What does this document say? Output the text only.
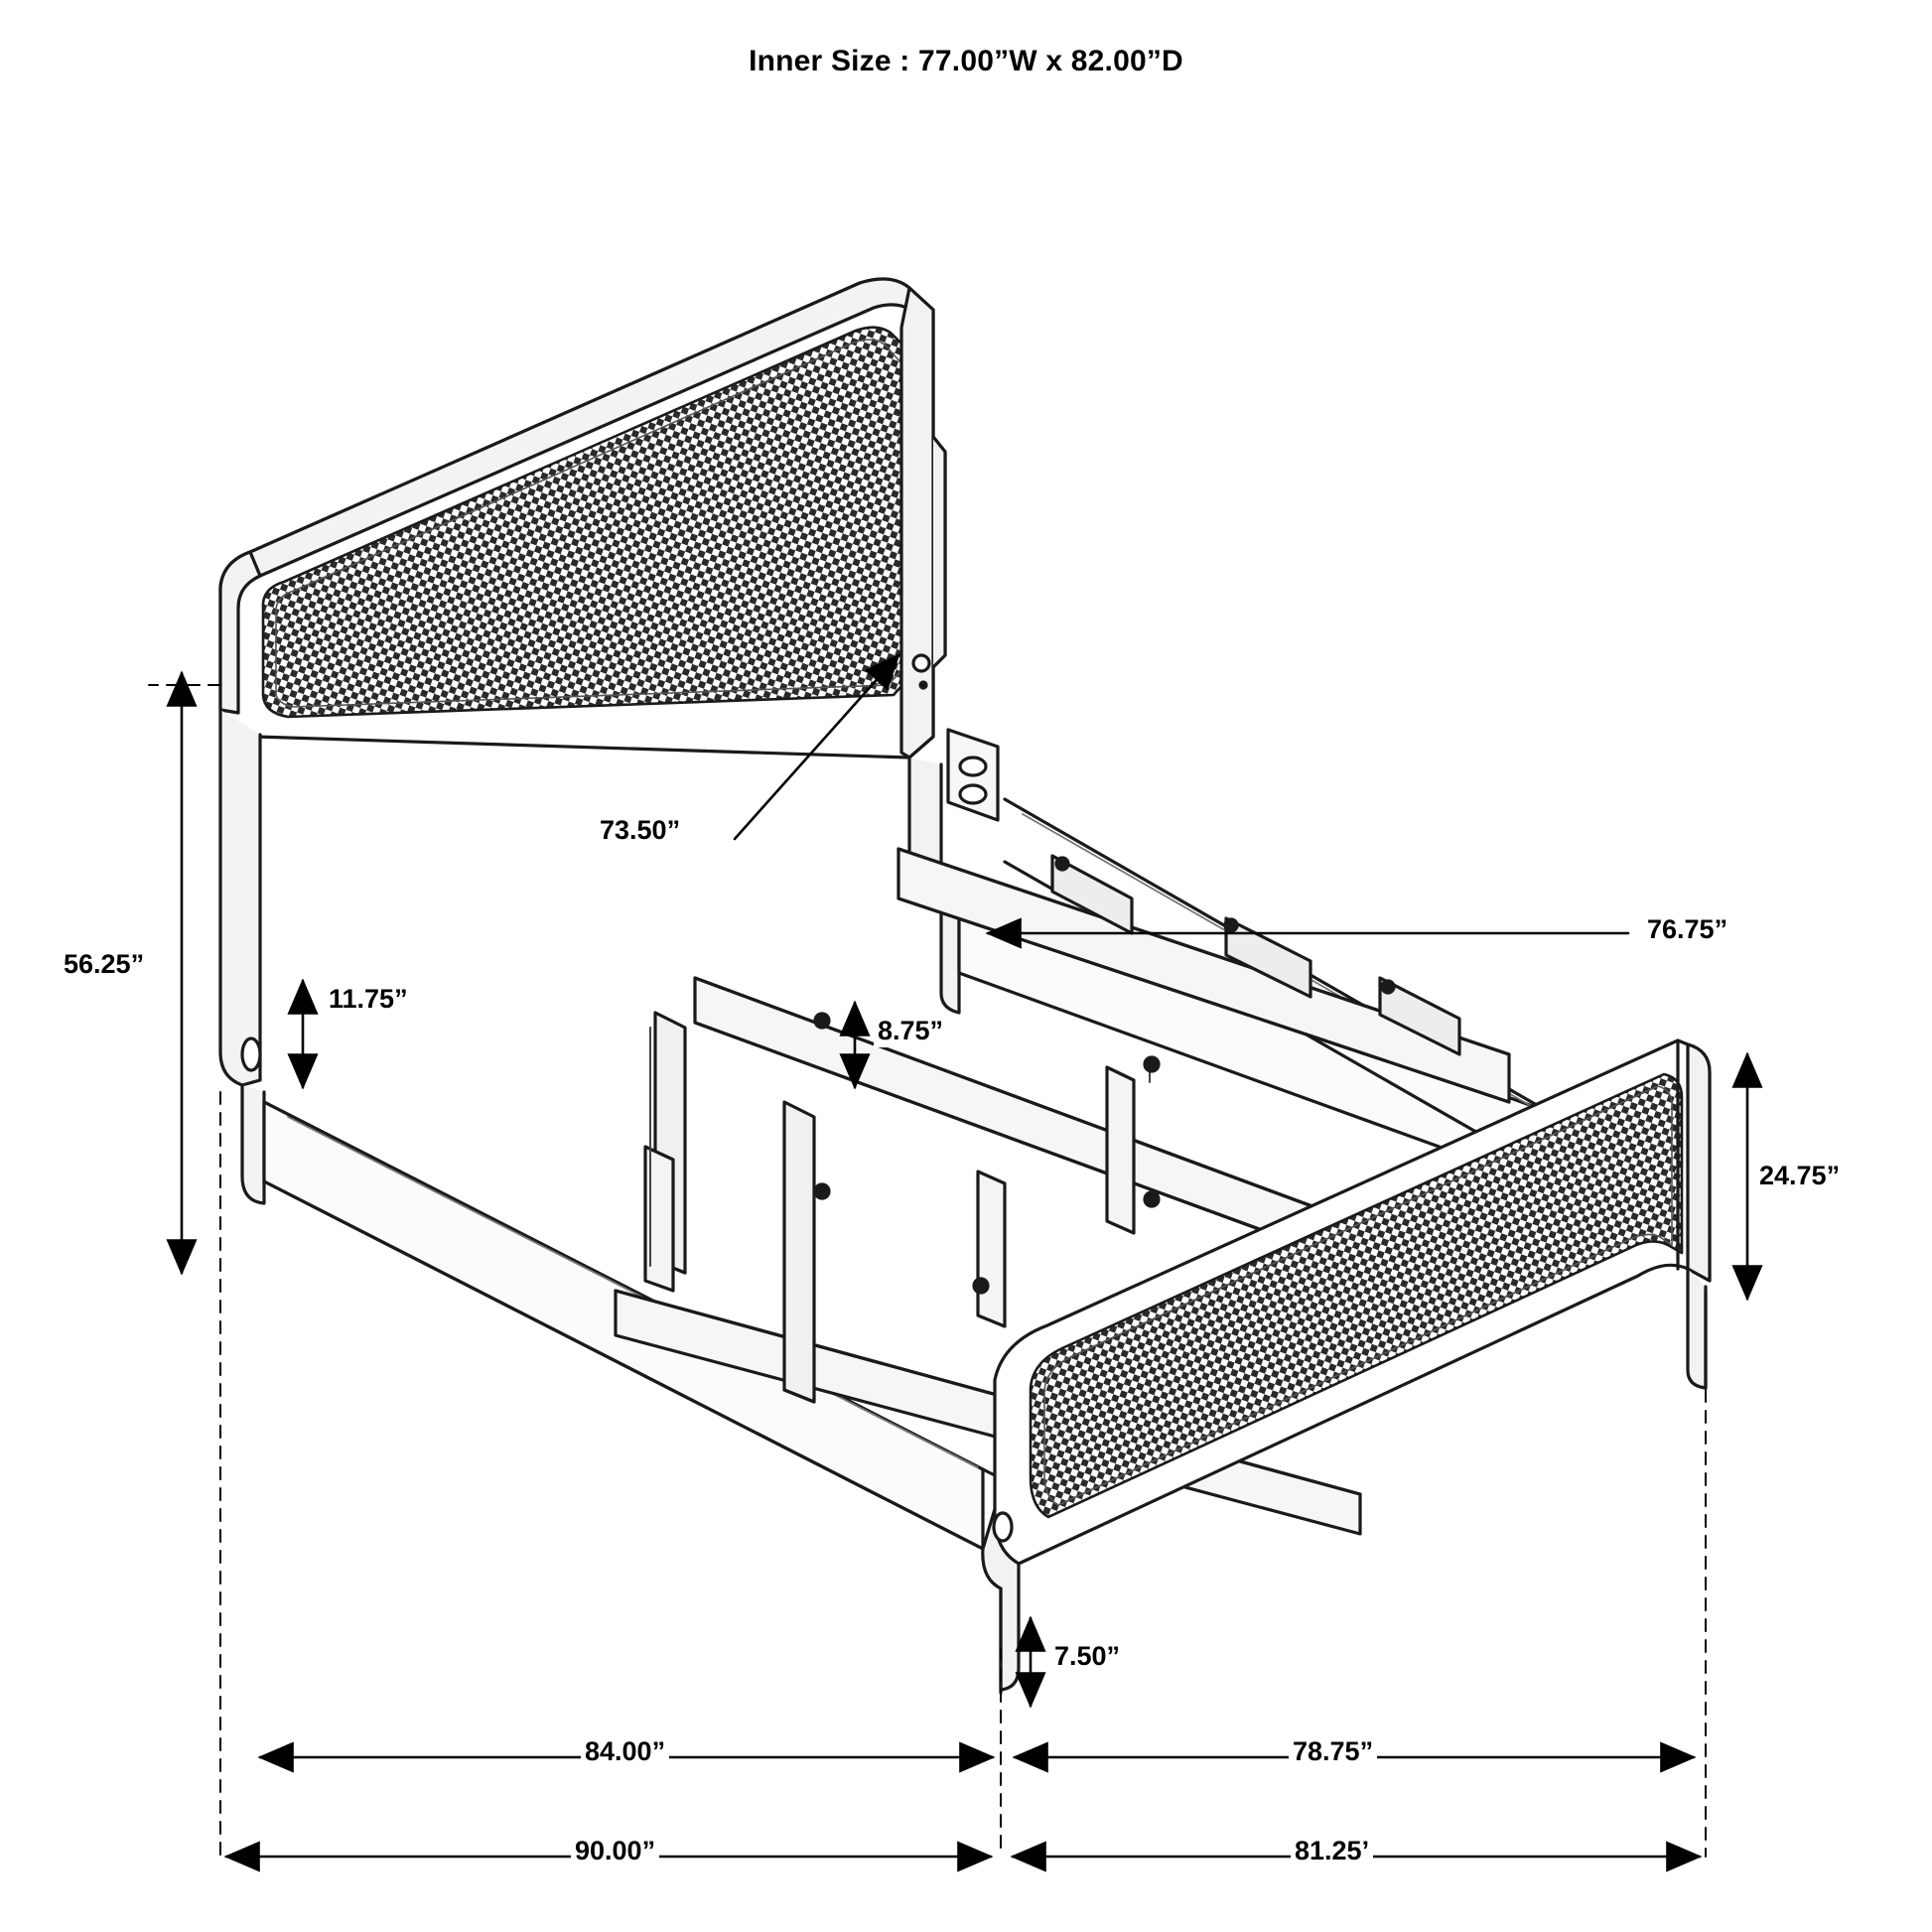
Inner Size : 77.00”W x 82.00”D
56.25”
73.50”
11.75”
8.75”
76.75”
24.75”
7.50”
84.00”	78.75”
90.00”	81.25’
